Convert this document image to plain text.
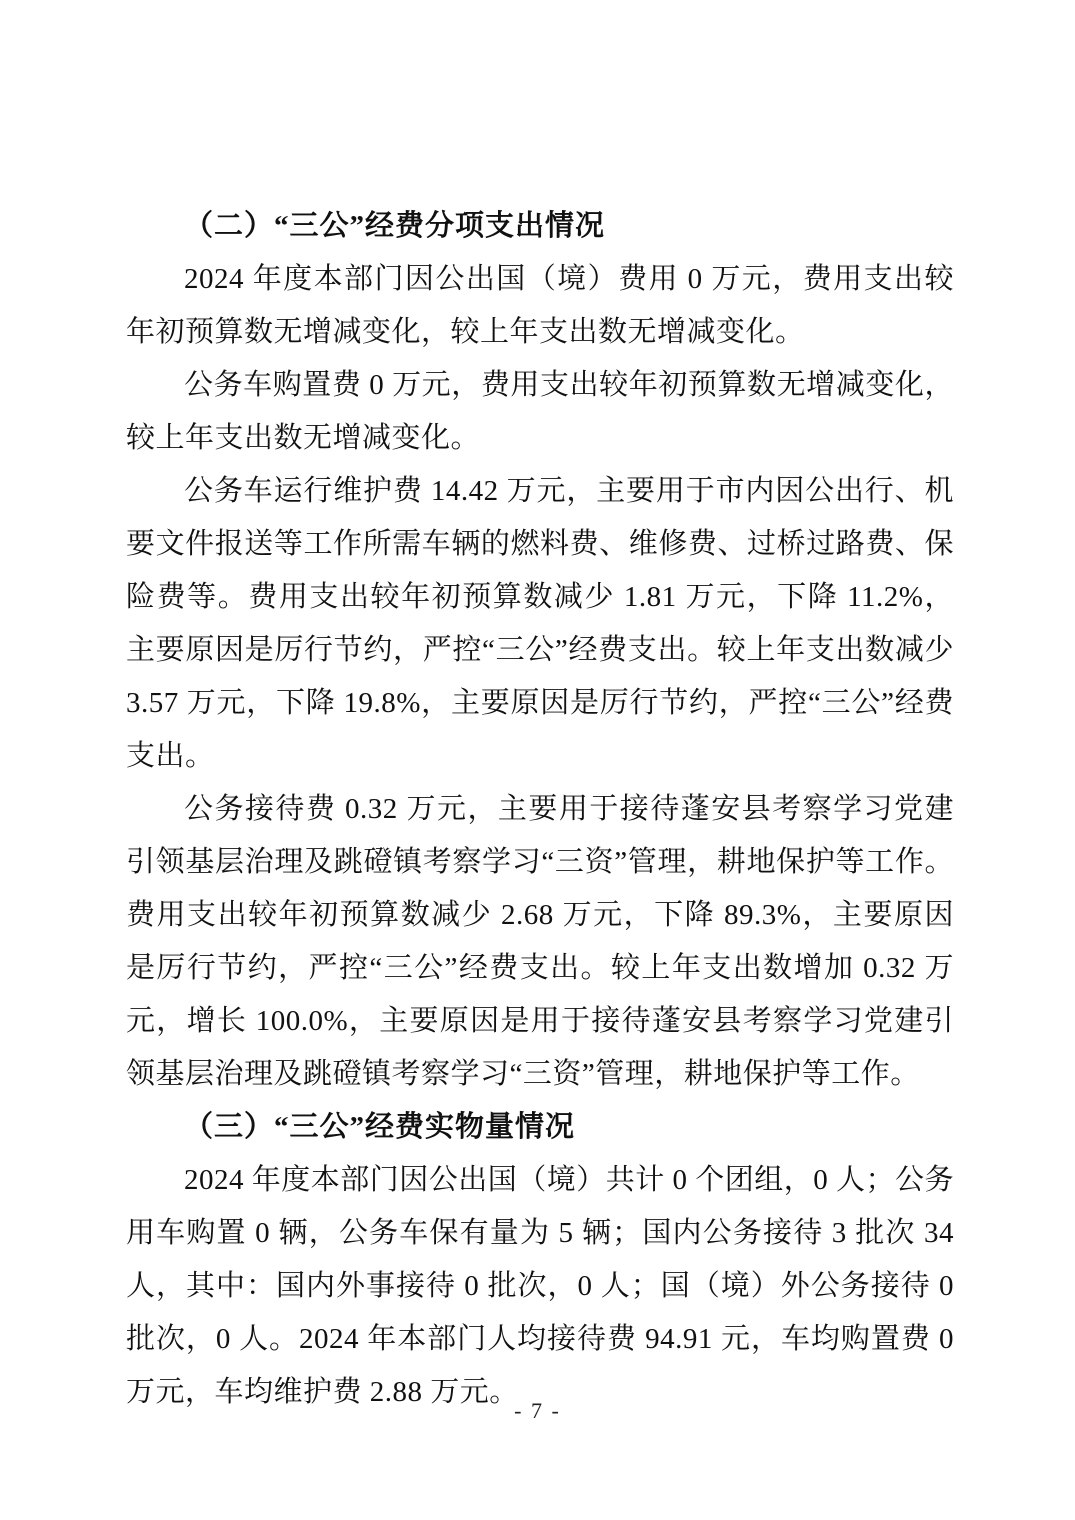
（二）“三公”经费分项支出情况

2024 年度本部门因公出国（境）费用 0 万元，费用支出较年初预算数无增减变化，较上年支出数无增减变化。

公务车购置费 0 万元，费用支出较年初预算数无增减变化，较上年支出数无增减变化。

公务车运行维护费 14.42 万元，主要用于市内因公出行、机要文件报送等工作所需车辆的燃料费、维修费、过桥过路费、保险费等。费用支出较年初预算数减少 1.81 万元，下降 11.2%，主要原因是厉行节约，严控“三公”经费支出。较上年支出数减少 3.57 万元，下降 19.8%，主要原因是厉行节约，严控“三公”经费支出。

公务接待费 0.32 万元，主要用于接待蓬安县考察学习党建引领基层治理及跳磴镇考察学习“三资”管理，耕地保护等工作。费用支出较年初预算数减少 2.68 万元，下降 89.3%，主要原因是厉行节约，严控“三公”经费支出。较上年支出数增加 0.32 万元，增长 100.0%，主要原因是用于接待蓬安县考察学习党建引领基层治理及跳磴镇考察学习“三资”管理，耕地保护等工作。

（三）“三公”经费实物量情况

2024 年度本部门因公出国（境）共计 0 个团组，0 人；公务用车购置 0 辆，公务车保有量为 5 辆；国内公务接待 3 批次 34 人，其中：国内外事接待 0 批次，0 人；国（境）外公务接待 0 批次，0 人。2024 年本部门人均接待费 94.91 元，车均购置费 0 万元，车均维护费 2.88 万元。

- 7 -
